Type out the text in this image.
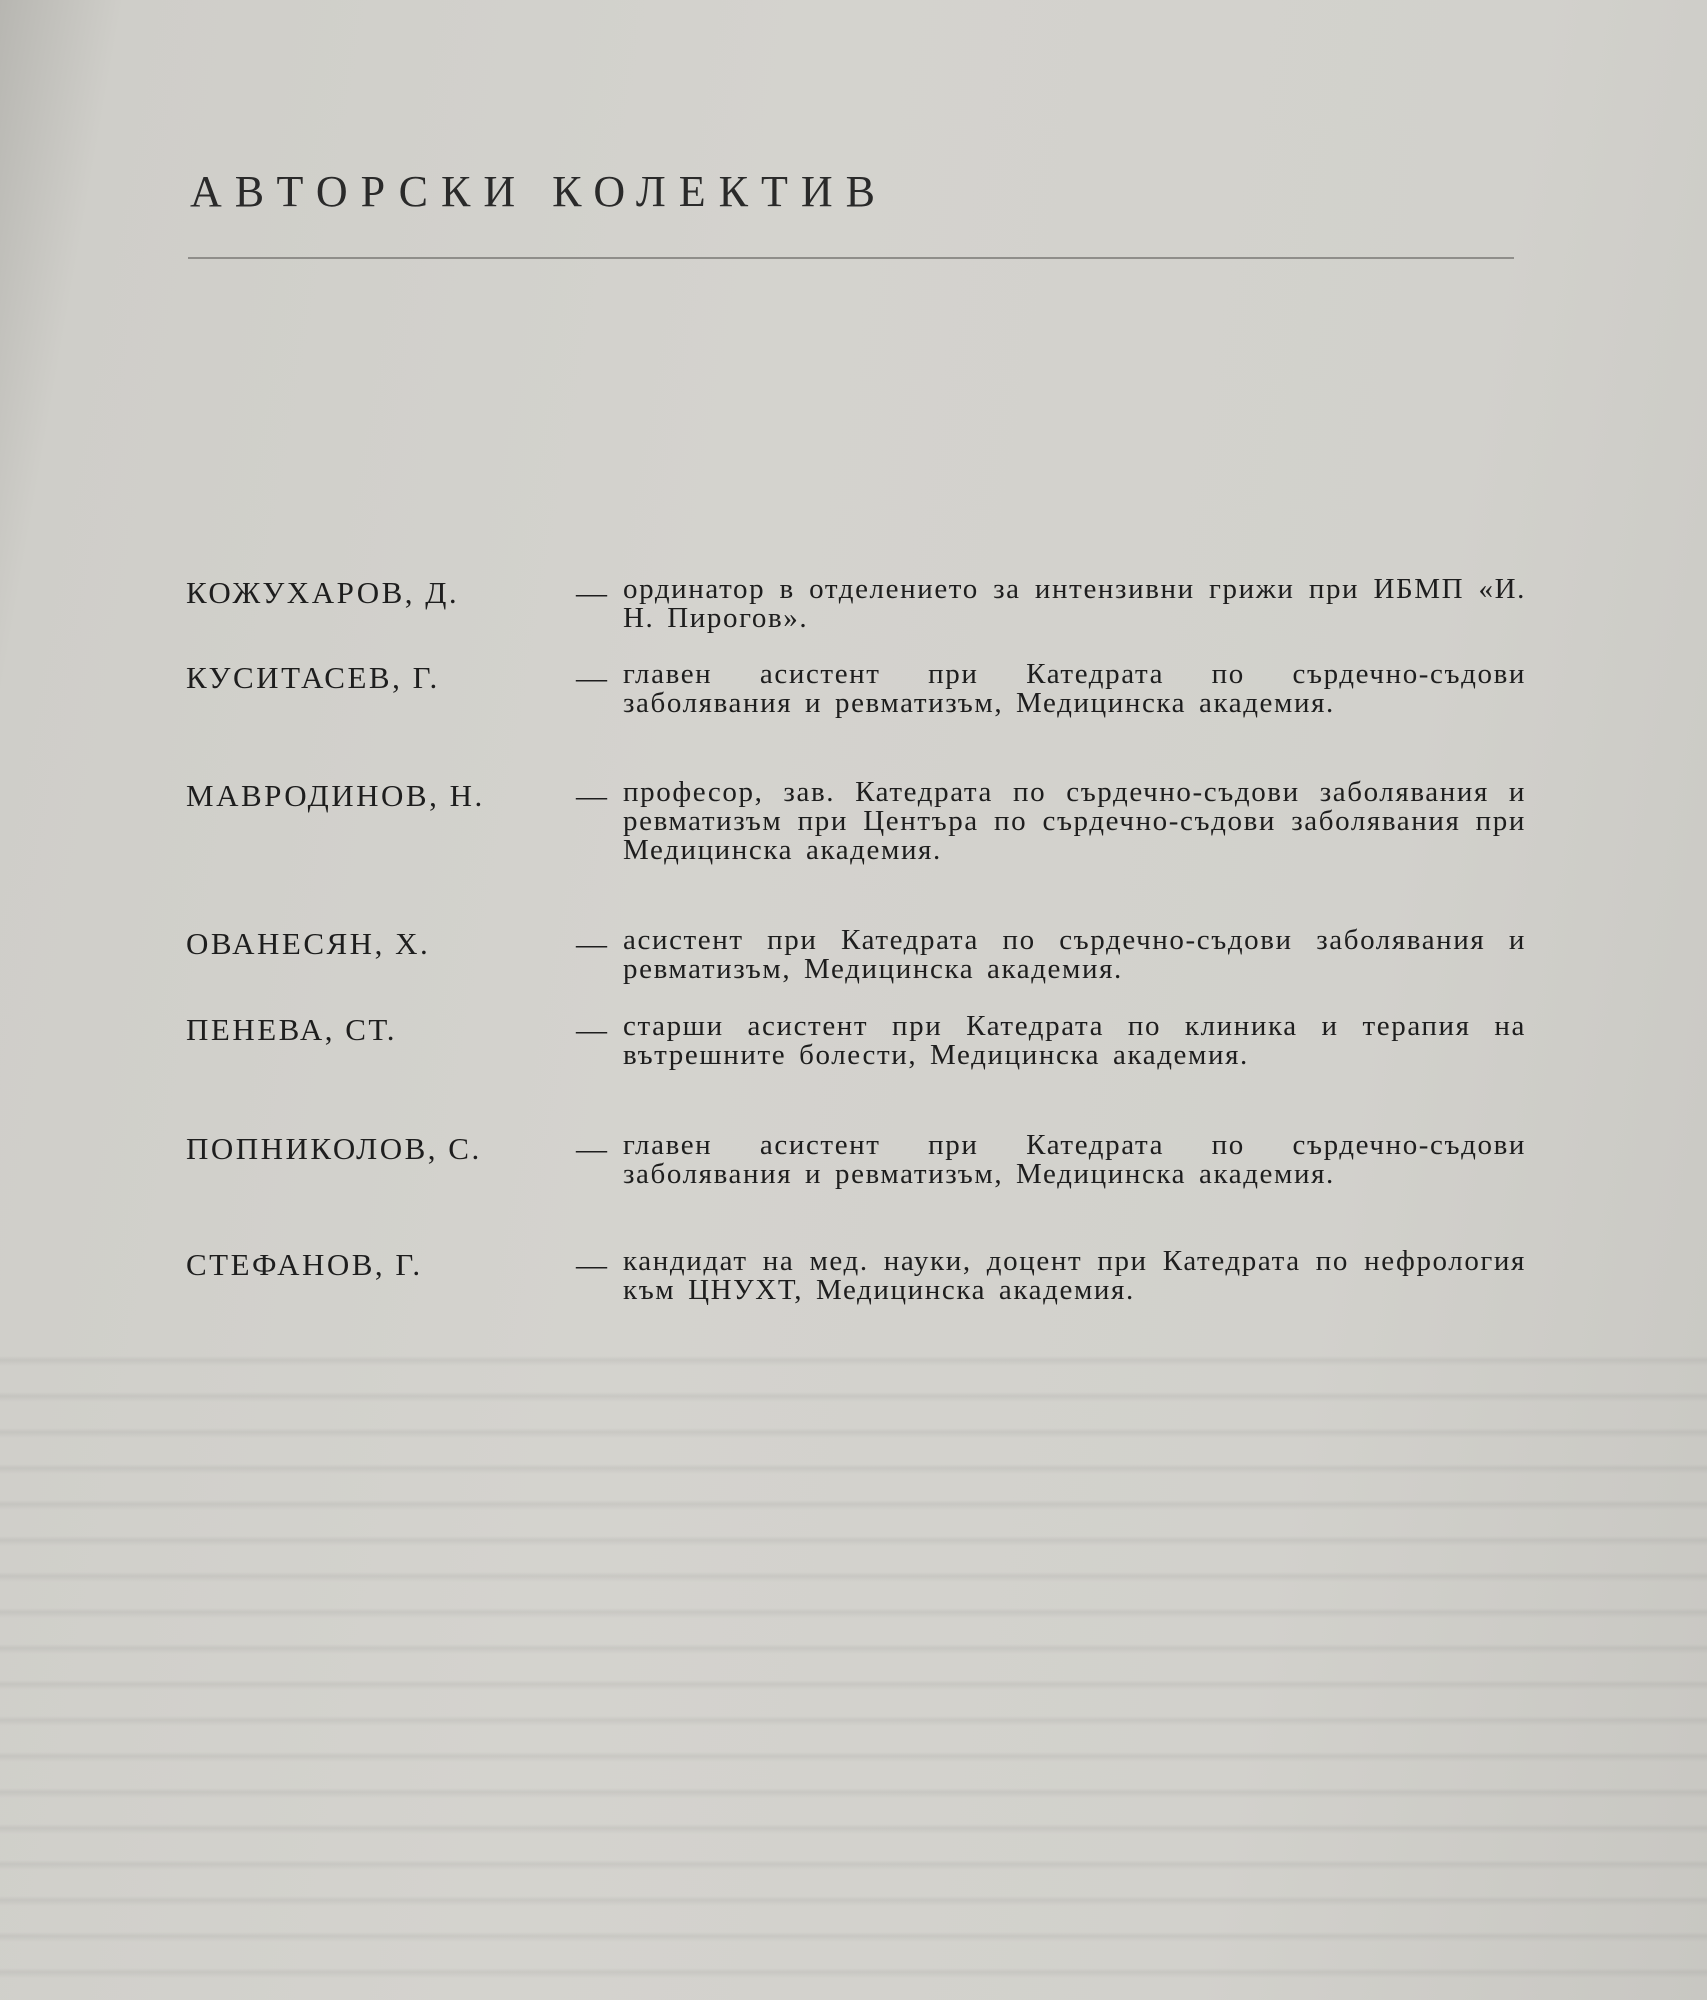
АВТОРСКИ КОЛЕКТИВ
КОЖУХАРОВ, Д.	— ординатор в отделението за интензивни грижи при ИБМП «И. Н. Пирогов».
КУСИТАСЕВ, Г.	— главен асистент при Катедрата по сърдечно-съдови заболявания и ревматизъм, Медицинска академия.
МАВРОДИНОВ, Н.	— професор, зав. Катедрата по сърдечно-съдови заболявания и ревматизъм при Центъра по сърдечно-съдови заболявания при Медицинска академия.
ОВАНЕСЯН, Х.	— асистент при Катедрата по сърдечно-съдови заболявания и ревматизъм, Медицинска академия.
ПЕНЕВА, СТ.	— старши асистент при Катедрата по клиника и терапия на вътрешните болести, Медицинска академия.
ПОПНИКОЛОВ, С.	— главен асистент при Катедрата по сърдечно-съдови заболявания и ревматизъм, Медицинска академия.
СТЕФАНОВ, Г.	— кандидат на мед. науки, доцент при Катедрата по нефрология към ЦНУХТ, Медицинска академия.
